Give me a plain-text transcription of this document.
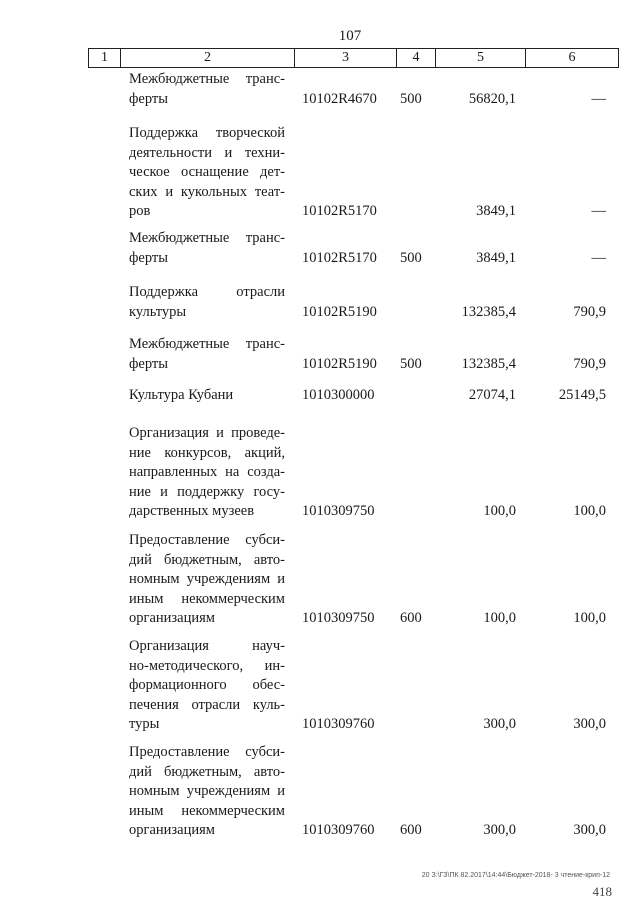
107
1	2	3	4	5	6
Межбюджетные транс-
ферты	10102R4670 500	56820,1	—
Поддержка творческой
деятельности и техни-
ческое оснащение дет-
ских и кукольных теат-
ров	10102R5170	3849,1	—
Межбюджетные транс-
ферты	10102R5170 500	3849,1	—
Поддержка отрасли
культуры	10102R5190	132385,4	790,9
Межбюджетные транс-
ферты	10102R5190 500	132385,4	790,9
Культура Кубани	1010300000	27074,1	25149,5
Организация и проведе-
ние конкурсов, акций,
направленных на созда-
ние и поддержку госу-
дарственных музеев	1010309750	100,0	100,0
Предоставление субси-
дий бюджетным, авто-
номным учреждениям и
иным некоммерческим
организациям	1010309750 600	100,0	100,0
Организация науч-
но-методического, ин-
формационного обес-
печения отрасли куль-
туры	1010309760	300,0	300,0
Предоставление субси-
дий бюджетным, авто-
номным учреждениям и
иным некоммерческим
организациям	1010309760 600	300,0	300,0
20 З:\ГЗ\ПК 82.2017\14:44\Бюджет-2018- 3 чтение-крип-12
418
